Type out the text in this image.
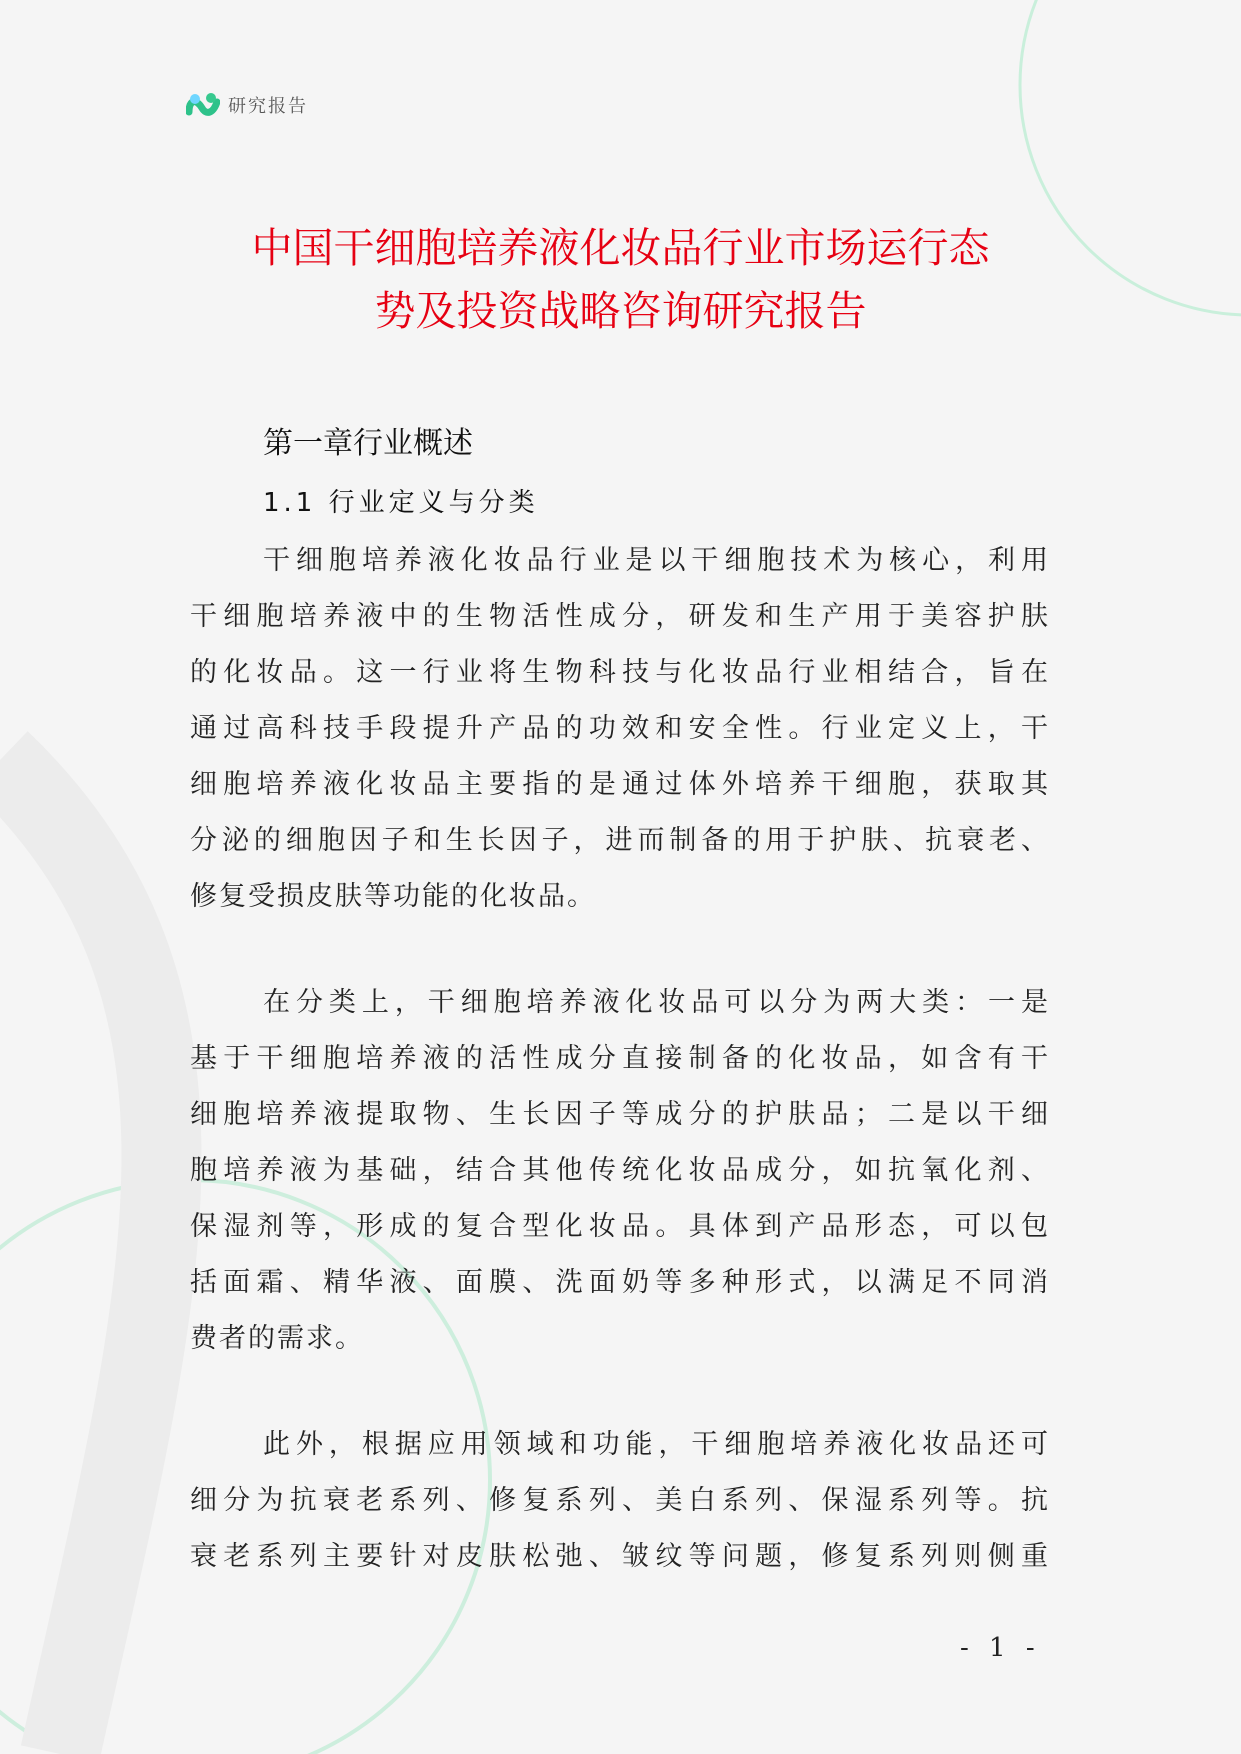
研究报告
中国干细胞培养液化妆品行业市场运行态
势及投资战略咨询研究报告
第一章行业概述
1.1 行业定义与分类
干细胞培养液化妆品行业是以干细胞技术为核心，利用
干细胞培养液中的生物活性成分，研发和生产用于美容护肤
的化妆品。这一行业将生物科技与化妆品行业相结合，旨在
通过高科技手段提升产品的功效和安全性。行业定义上，干
细胞培养液化妆品主要指的是通过体外培养干细胞，获取其
分泌的细胞因子和生长因子，进而制备的用于护肤、抗衰老、
修复受损皮肤等功能的化妆品。
在分类上，干细胞培养液化妆品可以分为两大类：一是
基于干细胞培养液的活性成分直接制备的化妆品，如含有干
细胞培养液提取物、生长因子等成分的护肤品；二是以干细
胞培养液为基础，结合其他传统化妆品成分，如抗氧化剂、
保湿剂等，形成的复合型化妆品。具体到产品形态，可以包
括面霜、精华液、面膜、洗面奶等多种形式，以满足不同消
费者的需求。
此外，根据应用领域和功能，干细胞培养液化妆品还可
细分为抗衰老系列、修复系列、美白系列、保湿系列等。抗
衰老系列主要针对皮肤松弛、皱纹等问题，修复系列则侧重
- 1 -
